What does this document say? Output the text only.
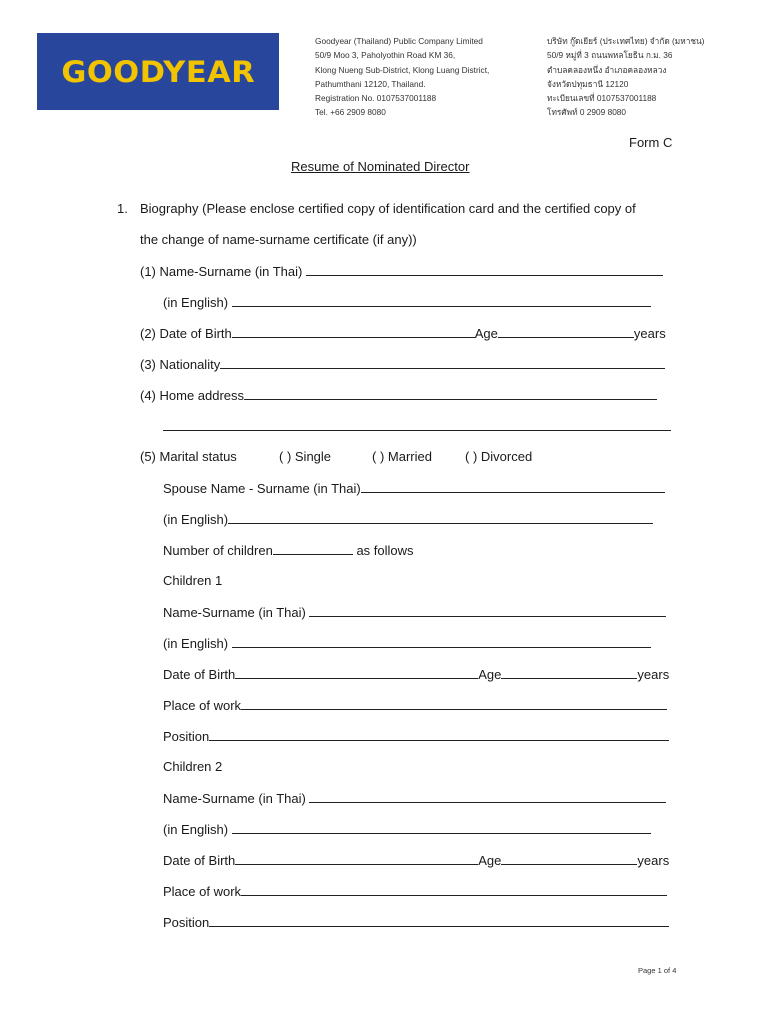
GOODYEAR
Goodyear (Thailand) Public Company Limited
50/9 Moo 3, Paholyothin Road KM 36,
Klong Nueng Sub-District, Klong Luang District,
Pathumthani 12120, Thailand.
Registration No. 0107537001188
Tel. +66 2909 8080
บริษัท กู๊ดเยียร์ (ประเทศไทย) จำกัด (มหาชน)
50/9 หมู่ที่ 3 ถนนพหลโยธิน ก.ม. 36
ตำบลคลองหนึ่ง อำเภอคลองหลวง
จังหวัดปทุมธานี 12120
ทะเบียนเลขที่ 0107537001188
โทรศัพท์ 0 2909 8080
Form C
Resume of Nominated Director
1. Biography (Please enclose certified copy of identification card and the certified copy of
the change of name-surname certificate (if any))
(1) Name-Surname (in Thai)
(in English)
(2) Date of Birth	Age	years
(3) Nationality
(4) Home address
(5) Marital status	( ) Single	( ) Married	( ) Divorced
Spouse Name - Surname (in Thai)
(in English)
Number of children	as follows
Children 1
Name-Surname (in Thai)
(in English)
Date of Birth	Age	years
Place of work
Position
Children 2
Name-Surname (in Thai)
(in English)
Date of Birth	Age	years
Place of work
Position
Page 1 of 4
